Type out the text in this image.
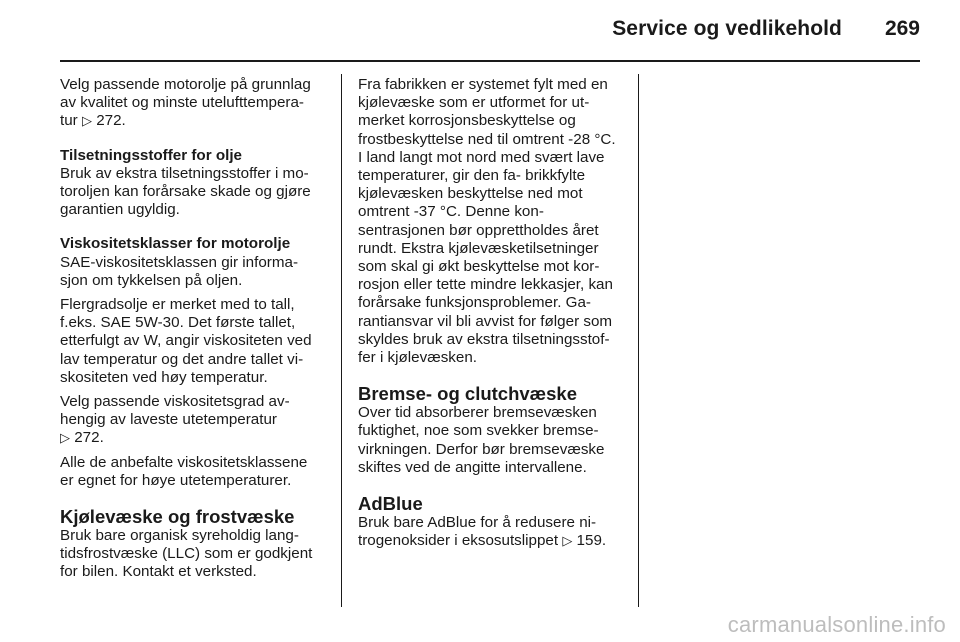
Service og vedlikehold 269

Velg passende motorolje på grunnlag av kvalitet og minste utelufttempera‐ tur ▷ 272.

Tilsetningsstoffer for olje

Bruk av ekstra tilsetningsstoffer i mo‐ toroljen kan forårsake skade og gjøre garantien ugyldig.

Viskositetsklasser for motorolje

SAE-viskositetsklassen gir informa‐ sjon om tykkelsen på oljen.

Flergradsolje er merket med to tall, f.eks. SAE 5W-30. Det første tallet, etterfulgt av W, angir viskositeten ved lav temperatur og det andre tallet vi‐ skositeten ved høy temperatur.

Velg passende viskositetsgrad av‐ hengig av laveste utetemperatur
▷ 272.

Alle de anbefalte viskositetsklassene er egnet for høye utetemperaturer.

Kjølevæske og frostvæske

Bruk bare organisk syreholdig lang‐ tidsfrostvæske (LLC) som er godkjent for bilen. Kontakt et verksted.

Fra fabrikken er systemet fylt med en kjølevæske som er utformet for ut‐ merket korrosjonsbeskyttelse og frostbeskyttelse ned til omtrent -28 °C. I land langt mot nord med svært lave temperaturer, gir den fa‐ brikkfylte kjølevæsken beskyttelse ned mot omtrent -37 °C. Denne kon‐ sentrasjonen bør opprettholdes året rundt. Ekstra kjølevæsketilsetninger som skal gi økt beskyttelse mot kor‐ rosjon eller tette mindre lekkasjer, kan forårsake funksjonsproblemer. Ga‐ rantiansvar vil bli avvist for følger som skyldes bruk av ekstra tilsetningsstof‐ fer i kjølevæsken.

Bremse- og clutchvæske

Over tid absorberer bremsevæsken fuktighet, noe som svekker bremse‐ virkningen. Derfor bør bremsevæske skiftes ved de angitte intervallene.

AdBlue

Bruk bare AdBlue for å redusere ni‐ trogenoksider i eksosutslippet ▷ 159.

carmanualsonline.info
